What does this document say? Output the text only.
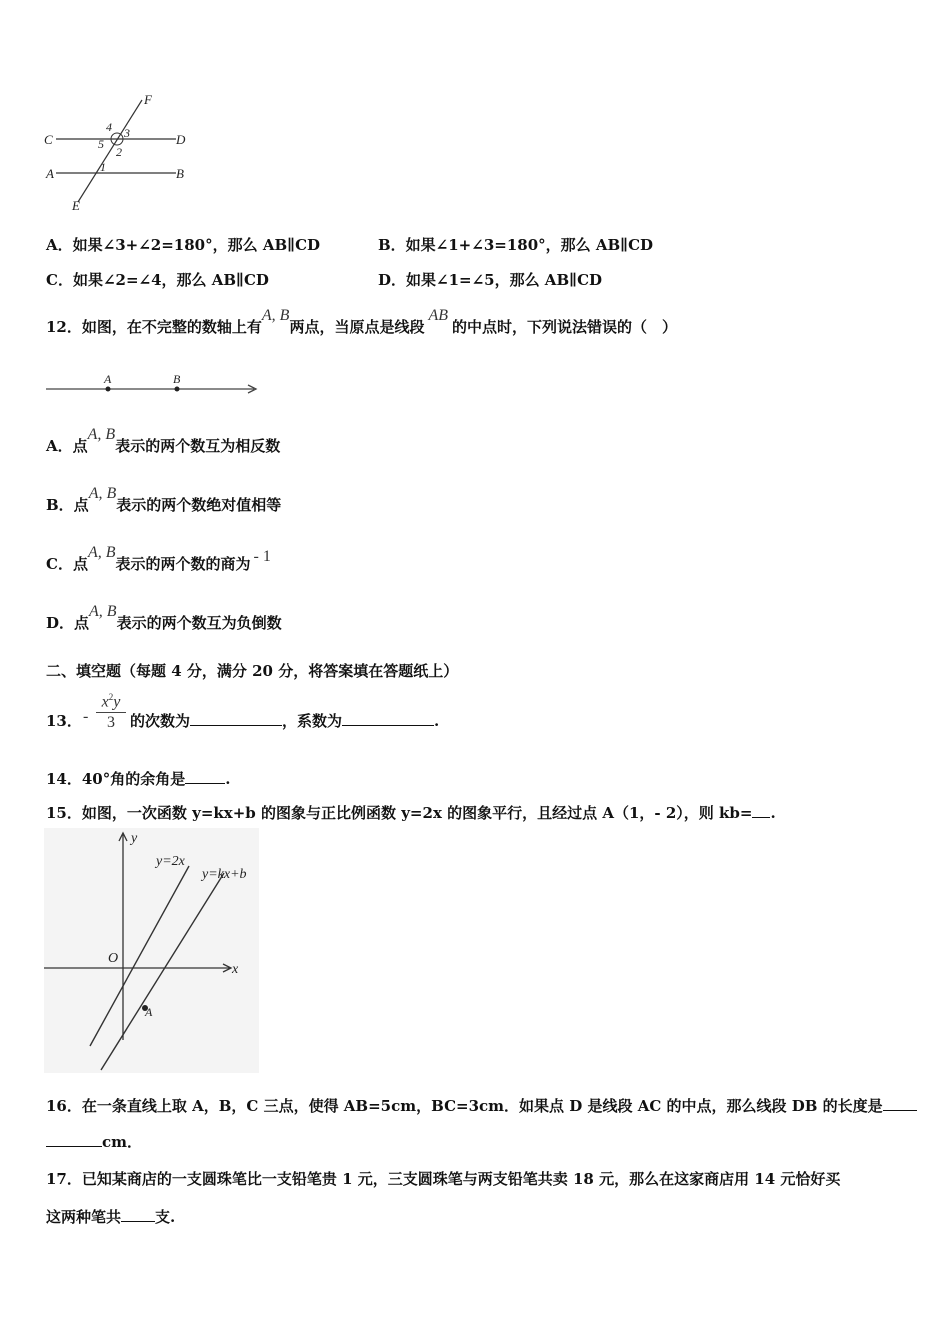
C	D
A	B
E
F
1
2
3
4
5
A．如果∠3+∠2=180°，那么 AB∥CD	B．如果∠1+∠3=180°，那么 AB∥CD
C．如果∠2=∠4，那么 AB∥CD	D．如果∠1=∠5，那么 AB∥CD
12．如图，在不完整的数轴上有A, B两点，当原点是线段AB的中点时，下列说法错误的（　）
A	B
A．点A, B表示的两个数互为相反数
B．点A, B表示的两个数绝对值相等
C．点A, B表示的两个数的商为 - 1
D．点A, B表示的两个数互为负倒数
二、填空题（每题 4 分，满分 20 分，将答案填在答题纸上）
13． -
$x^2y$
3	的次数为	，系数为	.
14．40°角的余角是	.
15．如图，一次函数 y=kx+b 的图象与正比例函数 y=2x 的图象平行，且经过点 A（1，- 2），则 kb= .
y
x
O
A
y=2x
y=kx+b
16．在一条直线上取 A，B，C 三点，使得 AB=5cm，BC=3cm．如果点 D 是线段 AC 的中点，那么线段 DB 的长度是
cm．
17．已知某商店的一支圆珠笔比一支铅笔贵 1 元，三支圆珠笔与两支铅笔共卖 18 元，那么在这家商店用 14 元恰好买
这两种笔共 支.
